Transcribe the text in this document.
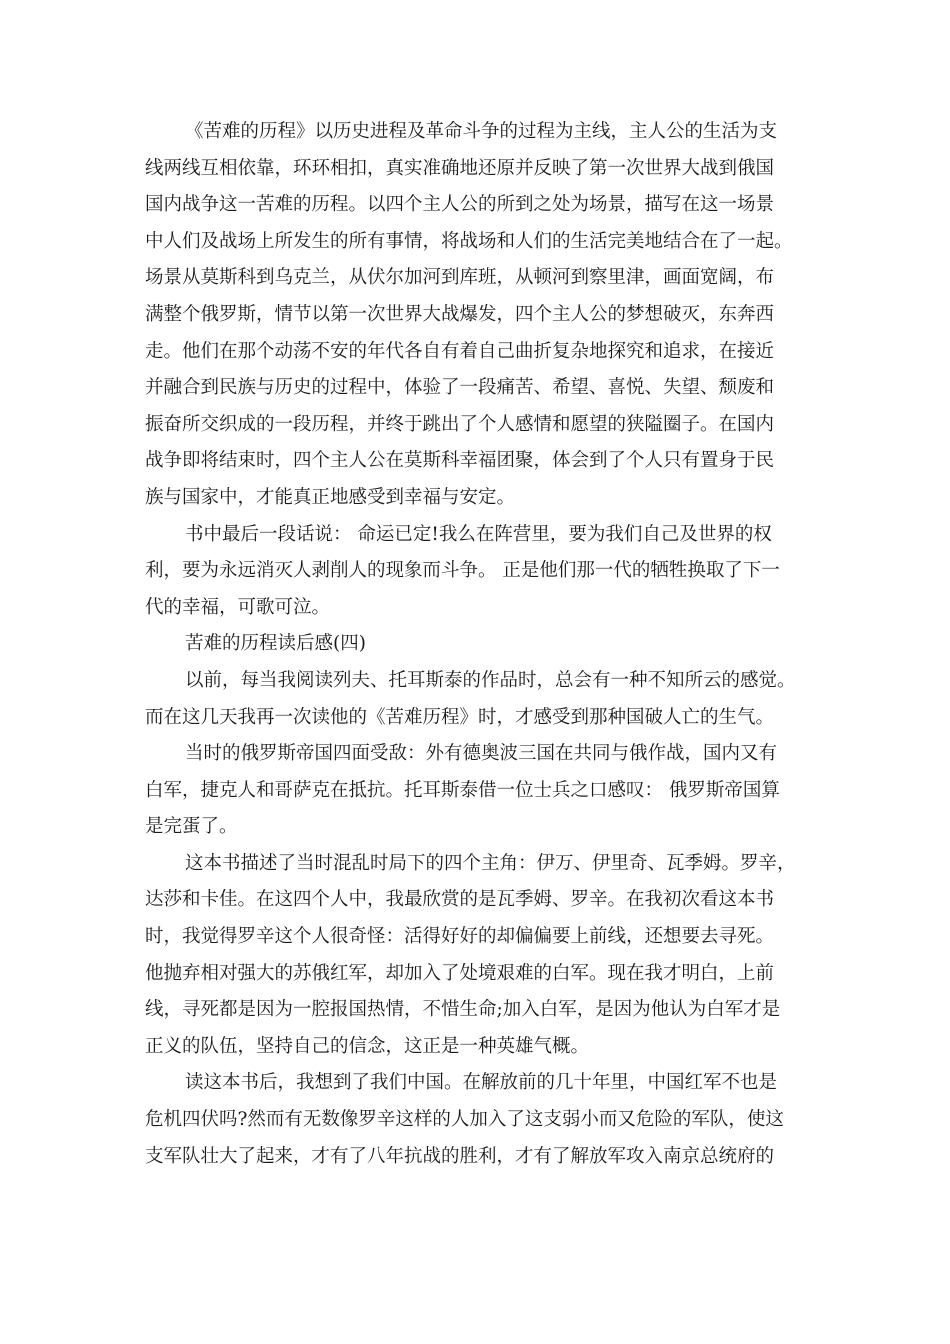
《苦难的历程》以历史进程及革命斗争的过程为主线，主人公的生活为支
线两线互相依靠，环环相扣，真实准确地还原并反映了第一次世界大战到俄国
国内战争这一苦难的历程。以四个主人公的所到之处为场景，描写在这一场景
中人们及战场上所发生的所有事情，将战场和人们的生活完美地结合在了一起。
场景从莫斯科到乌克兰，从伏尔加河到库班，从顿河到察里津，画面宽阔，布
满整个俄罗斯，情节以第一次世界大战爆发，四个主人公的梦想破灭，东奔西
走。他们在那个动荡不安的年代各自有着自己曲折复杂地探究和追求，在接近
并融合到民族与历史的过程中，体验了一段痛苦、希望、喜悦、失望、颓废和
振奋所交织成的一段历程，并终于跳出了个人感情和愿望的狭隘圈子。在国内
战争即将结束时，四个主人公在莫斯科幸福团聚，体会到了个人只有置身于民
族与国家中，才能真正地感受到幸福与安定。
书中最后一段话说： 命运已定!我么在阵营里，要为我们自己及世界的权
利，要为永远消灭人剥削人的现象而斗争。 正是他们那一代的牺牲换取了下一
代的幸福，可歌可泣。
苦难的历程读后感(四)
以前，每当我阅读列夫、托耳斯泰的作品时，总会有一种不知所云的感觉。
而在这几天我再一次读他的《苦难历程》时，才感受到那种国破人亡的生气。
当时的俄罗斯帝国四面受敌：外有德奥波三国在共同与俄作战，国内又有
白军，捷克人和哥萨克在抵抗。托耳斯泰借一位士兵之口感叹： 俄罗斯帝国算
是完蛋了。
这本书描述了当时混乱时局下的四个主角：伊万、伊里奇、瓦季姆。罗辛，
达莎和卡佳。在这四个人中，我最欣赏的是瓦季姆、罗辛。在我初次看这本书
时，我觉得罗辛这个人很奇怪：活得好好的却偏偏要上前线，还想要去寻死。
他抛弃相对强大的苏俄红军，却加入了处境艰难的白军。现在我才明白，上前
线，寻死都是因为一腔报国热情，不惜生命;加入白军，是因为他认为白军才是
正义的队伍，坚持自己的信念，这正是一种英雄气概。
读这本书后，我想到了我们中国。在解放前的几十年里，中国红军不也是
危机四伏吗?然而有无数像罗辛这样的人加入了这支弱小而又危险的军队，使这
支军队壮大了起来，才有了八年抗战的胜利，才有了解放军攻入南京总统府的
